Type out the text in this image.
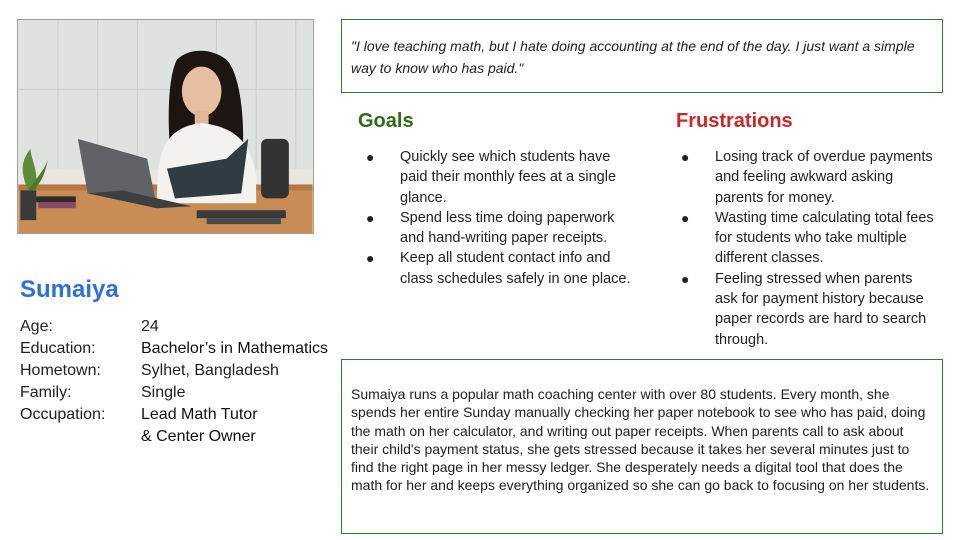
Sumaiya
Age:	24
Education:	Bachelor’s in Mathematics
Hometown:	Sylhet, Bangladesh
Family:	Single
Occupation:	Lead Math Tutor
& Center Owner
"I love teaching math, but I hate doing accounting at the end of the day. I just want a simple way to know who has paid."
Goals
● Quickly see which students have paid their monthly fees at a single glance.
● Spend less time doing paperwork and hand-writing paper receipts.
● Keep all student contact info and class schedules safely in one place.
Frustrations
● Losing track of overdue payments and feeling awkward asking parents for money.
● Wasting time calculating total fees for students who take multiple different classes.
● Feeling stressed when parents ask for payment history because paper records are hard to search through.
Sumaiya runs a popular math coaching center with over 80 students. Every month, she spends her entire Sunday manually checking her paper notebook to see who has paid, doing the math on her calculator, and writing out paper receipts. When parents call to ask about their child's payment status, she gets stressed because it takes her several minutes just to find the right page in her messy ledger. She desperately needs a digital tool that does the math for her and keeps everything organized so she can go back to focusing on her students.
